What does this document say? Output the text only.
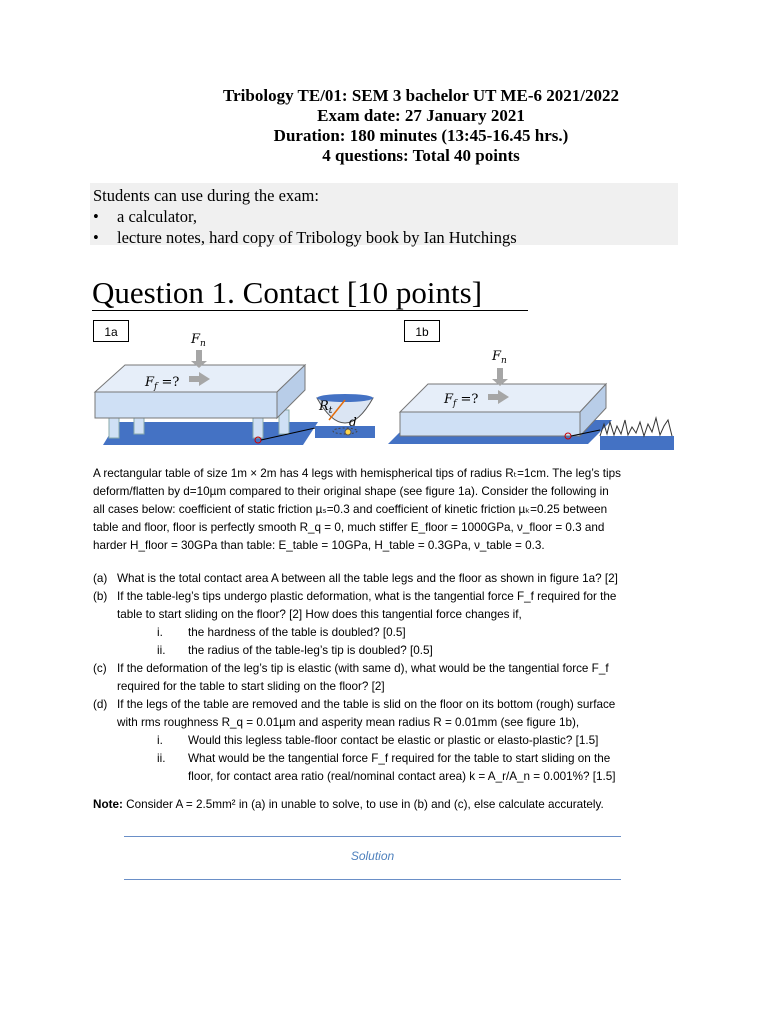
Tribology TE/01: SEM 3 bachelor UT ME-6 2021/2022
Exam date: 27 January 2021
Duration: 180 minutes (13:45-16.45 hrs.)
4 questions: Total 40 points
Students can use during the exam:
• a calculator,
• lecture notes, hard copy of Tribology book by Ian Hutchings
Question 1. Contact [10 points]
1a	1b
$F_n$
$F_f$ =?
$R_t$
d
$F_n$
$F_f$ =?
A rectangular table of size 1m × 2m has 4 legs with hemispherical tips of radius Rₜ=1cm. The leg’s tips
deform/flatten by d=10µm compared to their original shape (see figure 1a). Consider the following in
all cases below: coefficient of static friction µₛ=0.3 and coefficient of kinetic friction µₖ=0.25 between
table and floor, floor is perfectly smooth R_q = 0, much stiffer E_floor = 1000GPa, ν_floor = 0.3 and
harder H_floor = 30GPa than table: E_table = 10GPa, H_table = 0.3GPa, ν_table = 0.3.
(a) What is the total contact area A between all the table legs and the floor as shown in figure 1a? [2]
(b) If the table-leg’s tips undergo plastic deformation, what is the tangential force F_f required for the
table to start sliding on the floor? [2] How does this tangential force changes if,
i. the hardness of the table is doubled? [0.5]
ii. the radius of the table-leg’s tip is doubled? [0.5]
(c) If the deformation of the leg’s tip is elastic (with same d), what would be the tangential force F_f
required for the table to start sliding on the floor? [2]
(d) If the legs of the table are removed and the table is slid on the floor on its bottom (rough) surface
with rms roughness R_q = 0.01µm and asperity mean radius R = 0.01mm (see figure 1b),
i. Would this legless table-floor contact be elastic or plastic or elasto-plastic? [1.5]
ii. What would be the tangential force F_f required for the table to start sliding on the
floor, for contact area ratio (real/nominal contact area) k = A_r/A_n = 0.001%? [1.5]
Note: Consider A = 2.5mm² in (a) in unable to solve, to use in (b) and (c), else calculate accurately.
Solution
